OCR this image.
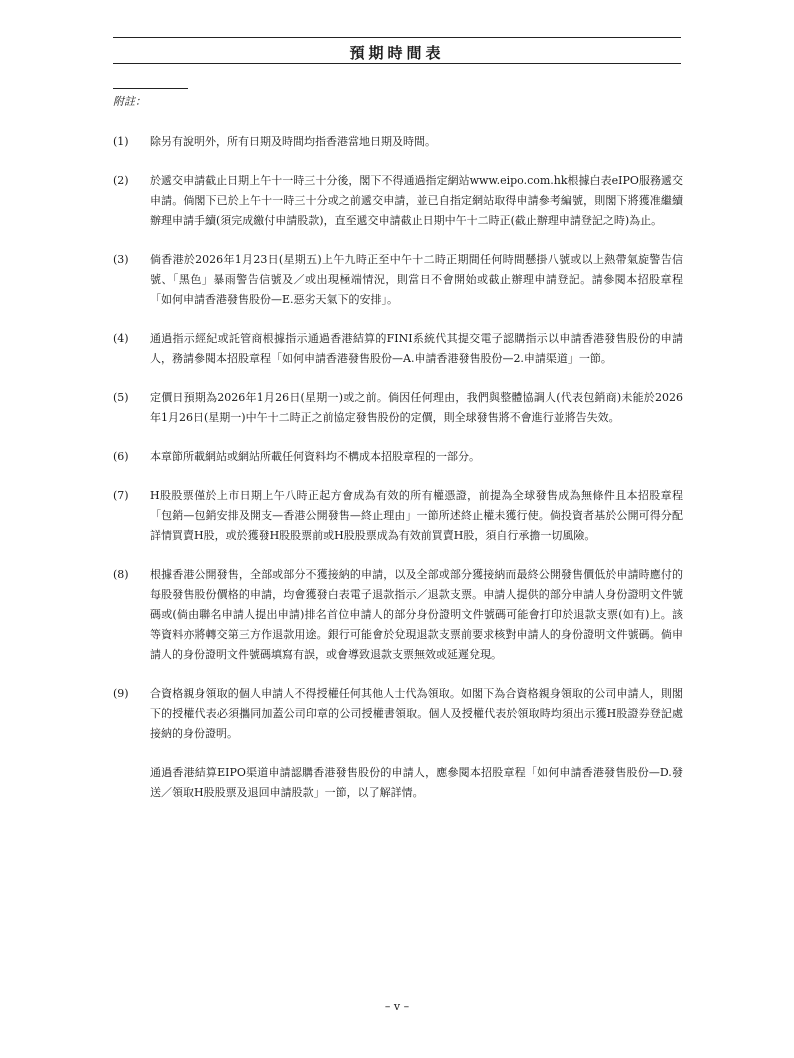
預期時間表
附註：
(1)	除另有說明外，所有日期及時間均指香港當地日期及時間。
(2)	於遞交申請截止日期上午十一時三十分後，閣下不得通過指定網站www.eipo.com.hk根據白表eIPO服務遞交申請。倘閣下已於上午十一時三十分或之前遞交申請，並已自指定網站取得申請參考編號，則閣下將獲准繼續辦理申請手續(須完成繳付申請股款)，直至遞交申請截止日期中午十二時正(截止辦理申請登記之時)為止。
(3)	倘香港於2026年1月23日(星期五)上午九時正至中午十二時正期間任何時間懸掛八號或以上熱帶氣旋警告信號、「黑色」暴雨警告信號及／或出現極端情況，則當日不會開始或截止辦理申請登記。請參閱本招股章程「如何申請香港發售股份—E.惡劣天氣下的安排」。
(4)	通過指示經紀或託管商根據指示通過香港結算的FINI系統代其提交電子認購指示以申請香港發售股份的申請人，務請參閱本招股章程「如何申請香港發售股份—A.申請香港發售股份—2.申請渠道」一節。
(5)	定價日預期為2026年1月26日(星期一)或之前。倘因任何理由，我們與整體協調人(代表包銷商)未能於2026年1月26日(星期一)中午十二時正之前協定發售股份的定價，則全球發售將不會進行並將告失效。
(6)	本章節所載網站或網站所載任何資料均不構成本招股章程的一部分。
(7)	H股股票僅於上市日期上午八時正起方會成為有效的所有權憑證，前提為全球發售成為無條件且本招股章程「包銷—包銷安排及開支—香港公開發售—終止理由」一節所述終止權未獲行使。倘投資者基於公開可得分配詳情買賣H股，或於獲發H股股票前或H股股票成為有效前買賣H股，須自行承擔一切風險。
(8)	根據香港公開發售，全部或部分不獲接納的申請，以及全部或部分獲接納而最終公開發售價低於申請時應付的每股發售股份價格的申請，均會獲發白表電子退款指示／退款支票。申請人提供的部分申請人身份證明文件號碼或(倘由聯名申請人提出申請)排名首位申請人的部分身份證明文件號碼可能會打印於退款支票(如有)上。該等資料亦將轉交第三方作退款用途。銀行可能會於兌現退款支票前要求核對申請人的身份證明文件號碼。倘申請人的身份證明文件號碼填寫有誤，或會導致退款支票無效或延遲兌現。
(9)	合資格親身領取的個人申請人不得授權任何其他人士代為領取。如閣下為合資格親身領取的公司申請人，則閣下的授權代表必須攜同加蓋公司印章的公司授權書領取。個人及授權代表於領取時均須出示獲H股證券登記處接納的身份證明。
通過香港結算EIPO渠道申請認購香港發售股份的申請人，應參閱本招股章程「如何申請香港發售股份—D.發送／領取H股股票及退回申請股款」一節，以了解詳情。
– v –
